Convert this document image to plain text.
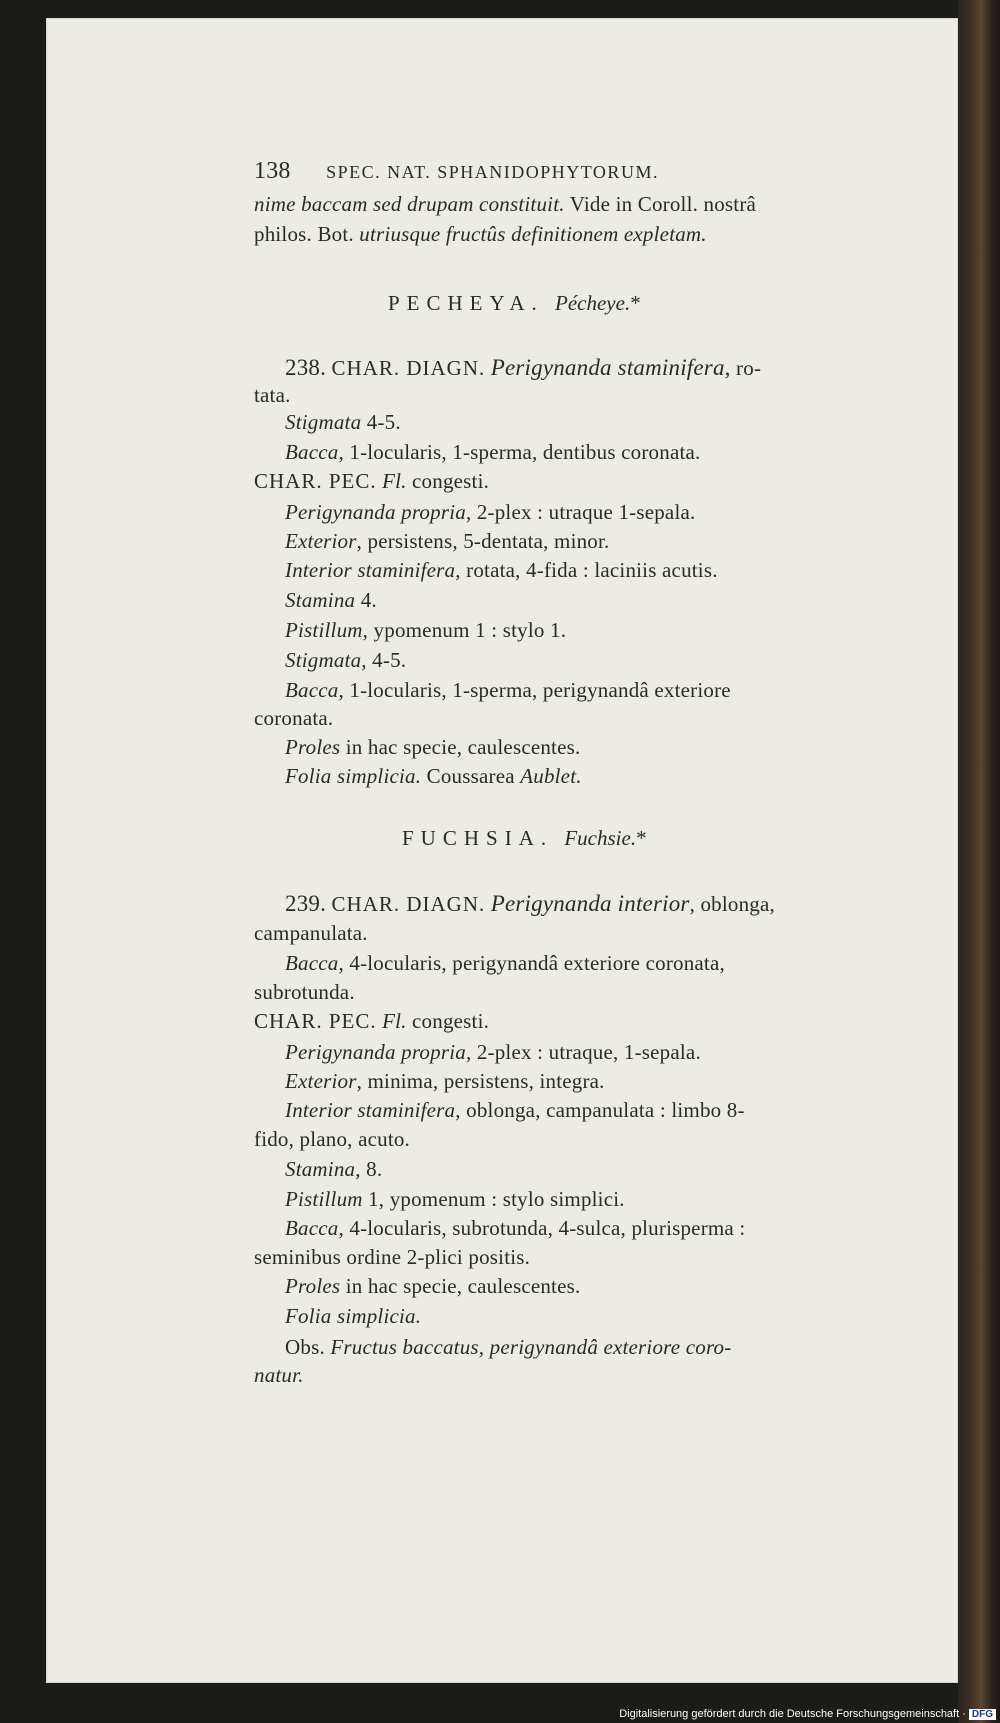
138 SPEC. NAT. SPHANIDOPHYTORUM.
nime baccam sed drupam constituit. Vide in Coroll. nostrâ
philos. Bot. utriusque fructûs definitionem expletam.
PECHEYA. Pécheye.*
238. CHAR. DIAGN. Perigynanda staminifera, ro-
tata.
Stigmata 4-5.
Bacca, 1-locularis, 1-sperma, dentibus coronata.
CHAR. PEC. Fl. congesti.
Perigynanda propria, 2-plex : utraque 1-sepala.
Exterior, persistens, 5-dentata, minor.
Interior staminifera, rotata, 4-fida : laciniis acutis.
Stamina 4.
Pistillum, ypomenum 1 : stylo 1.
Stigmata, 4-5.
Bacca, 1-locularis, 1-sperma, perigynandâ exteriore
coronata.
Proles in hac specie, caulescentes.
Folia simplicia. Coussarea Aublet.
FUCHSIA. Fuchsie.*
239. CHAR. DIAGN. Perigynanda interior, oblonga,
campanulata.
Bacca, 4-locularis, perigynandâ exteriore coronata,
subrotunda.
CHAR. PEC. Fl. congesti.
Perigynanda propria, 2-plex : utraque, 1-sepala.
Exterior, minima, persistens, integra.
Interior staminifera, oblonga, campanulata : limbo 8-
fido, plano, acuto.
Stamina, 8.
Pistillum 1, ypomenum : stylo simplici.
Bacca, 4-locularis, subrotunda, 4-sulca, plurisperma :
seminibus ordine 2-plici positis.
Proles in hac specie, caulescentes.
Folia simplicia.
Obs. Fructus baccatus, perigynandâ exteriore coro-
natur.
Digitalisierung gefördert durch die Deutsche Forschungsgemeinschaft · DFG
